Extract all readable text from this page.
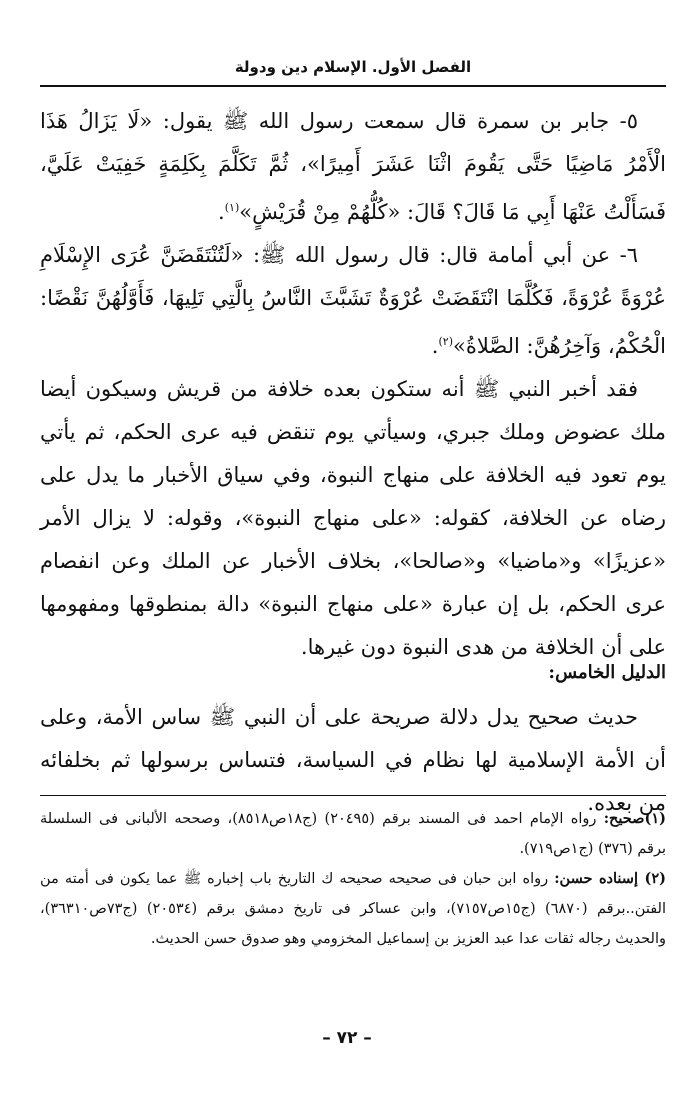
الفصل الأول. الإسلام دين ودولة

٥- جابر بن سمرة قال سمعت رسول الله ﷺ يقول: «لَا يَزَالُ هَذَا الْأَمْرُ مَاضِيًا حَتَّى يَقُومَ اثْنَا عَشَرَ أَمِيرًا»، ثُمَّ تَكَلَّمَ بِكَلِمَةٍ خَفِيَتْ عَلَيَّ، فَسَأَلْتُ عَنْهَا أَبِي مَا قَالَ؟ قَالَ: «كُلُّهُمْ مِنْ قُرَيْشٍ»$^{(١)}$.

٦- عن أبي أمامة قال: قال رسول الله ﷺ: «لَتُنْتَقَضَنَّ عُرَى الإِسْلَامِ عُرْوَةً عُرْوَةً، فَكُلَّمَا انْتَقَضَتْ عُرْوَةٌ تَشَبَّثَ النَّاسُ بِالَّتِي تَلِيهَا، فَأَوَّلُهُنَّ نَقْضًا: الْحُكْمُ، وَآخِرُهُنَّ: الصَّلاةُ»$^{(٢)}$.

فقد أخبر النبي ﷺ أنه ستكون بعده خلافة من قريش وسيكون أيضا ملك عضوض وملك جبري، وسيأتي يوم تنقض فيه عرى الحكم، ثم يأتي يوم تعود فيه الخلافة على منهاج النبوة، وفي سياق الأخبار ما يدل على رضاه عن الخلافة، كقوله: «على منهاج النبوة»، وقوله: لا يزال الأمر «عزيزًا» و«ماضيا» و«صالحا»، بخلاف الأخبار عن الملك وعن انفصام عرى الحكم، بل إن عبارة «على منهاج النبوة» دالة بمنطوقها ومفهومها على أن الخلافة من هدى النبوة دون غيرها.

الدليل الخامس:

حديث صحيح يدل دلالة صريحة على أن النبي ﷺ ساس الأمة، وعلى أن الأمة الإسلامية لها نظام في السياسة، فتساس برسولها ثم بخلفائه من بعده.

(١)صحيح: رواه الإمام احمد فى المسند برقم (٢٠٤٩٥) (ج١٨ص٨٥١٨)، وصححه الألبانى فى السلسلة برقم (٣٧٦) (ج١ص٧١٩).

(٢) إسناده حسن: رواه ابن حبان فى صحيحه صحيحه ك التاريخ باب إخباره ﷺ عما يكون فى أمته من الفتن..برقم (٦٨٧٠) (ج١٥ص٧١٥٧)، وابن عساكر فى تاريخ دمشق برقم (٢٠٥٣٤) (ج٧٣ص٣٦٣١٠)، والحديث رجاله ثقات عدا عبد العزيز بن إسماعيل المخزومي وهو صدوق حسن الحديث.

– ٧٢ –
